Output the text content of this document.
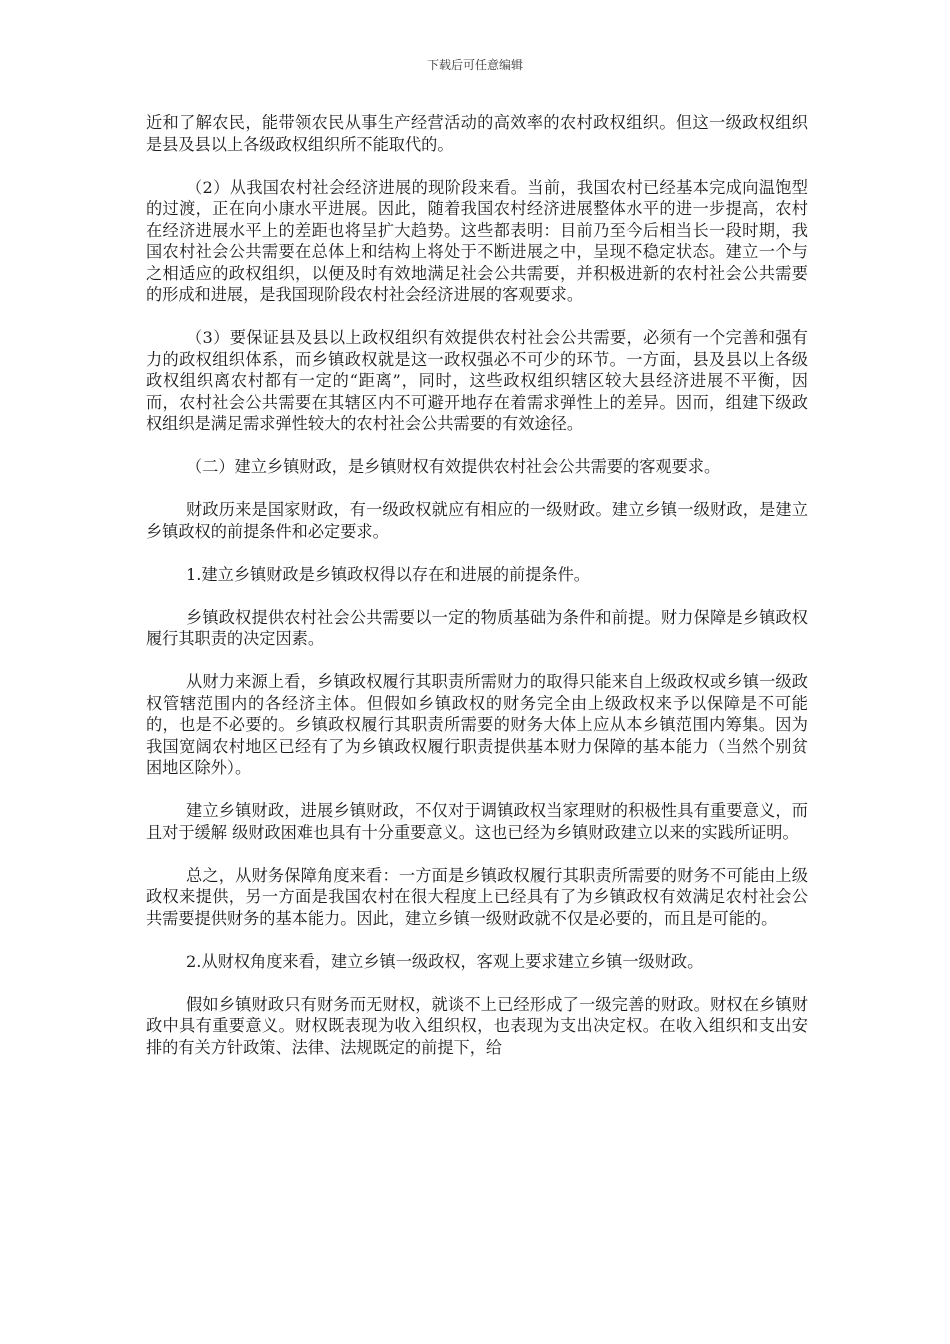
下载后可任意编辑

近和了解农民，能带领农民从事生产经营活动的高效率的农村政权组织。但这一级政权组织是县及县以上各级政权组织所不能取代的。

（2）从我国农村社会经济进展的现阶段来看。当前，我国农村已经基本完成向温饱型的过渡，正在向小康水平进展。因此，随着我国农村经济进展整体水平的进一步提高，农村在经济进展水平上的差距也将呈扩大趋势。这些都表明：目前乃至今后相当长一段时期，我国农村社会公共需要在总体上和结构上将处于不断进展之中，呈现不稳定状态。建立一个与之相适应的政权组织，以便及时有效地满足社会公共需要，并积极进新的农村社会公共需要的形成和进展，是我国现阶段农村社会经济进展的客观要求。

（3）要保证县及县以上政权组织有效提供农村社会公共需要，必须有一个完善和强有力的政权组织体系，而乡镇政权就是这一政权强必不可少的环节。一方面，县及县以上各级政权组织离农村都有一定的“距离”，同时，这些政权组织辖区较大县经济进展不平衡，因而，农村社会公共需要在其辖区内不可避开地存在着需求弹性上的差异。因而，组建下级政权组织是满足需求弹性较大的农村社会公共需要的有效途径。

（二）建立乡镇财政，是乡镇财权有效提供农村社会公共需要的客观要求。

财政历来是国家财政，有一级政权就应有相应的一级财政。建立乡镇一级财政，是建立乡镇政权的前提条件和必定要求。

1.建立乡镇财政是乡镇政权得以存在和进展的前提条件。

乡镇政权提供农村社会公共需要以一定的物质基础为条件和前提。财力保障是乡镇政权履行其职责的决定因素。

从财力来源上看，乡镇政权履行其职责所需财力的取得只能来自上级政权或乡镇一级政权管辖范围内的各经济主体。但假如乡镇政权的财务完全由上级政权来予以保障是不可能的，也是不必要的。乡镇政权履行其职责所需要的财务大体上应从本乡镇范围内筹集。因为我国宽阔农村地区已经有了为乡镇政权履行职责提供基本财力保障的基本能力（当然个别贫困地区除外）。

建立乡镇财政，进展乡镇财政，不仅对于调镇政权当家理财的积极性具有重要意义，而且对于缓解 级财政困难也具有十分重要意义。这也已经为乡镇财政建立以来的实践所证明。

总之，从财务保障角度来看：一方面是乡镇政权履行其职责所需要的财务不可能由上级政权来提供，另一方面是我国农村在很大程度上已经具有了为乡镇政权有效满足农村社会公共需要提供财务的基本能力。因此，建立乡镇一级财政就不仅是必要的，而且是可能的。

2.从财权角度来看，建立乡镇一级政权，客观上要求建立乡镇一级财政。

假如乡镇财政只有财务而无财权，就谈不上已经形成了一级完善的财政。财权在乡镇财政中具有重要意义。财权既表现为收入组织权，也表现为支出决定权。在收入组织和支出安排的有关方针政策、法律、法规既定的前提下，给
